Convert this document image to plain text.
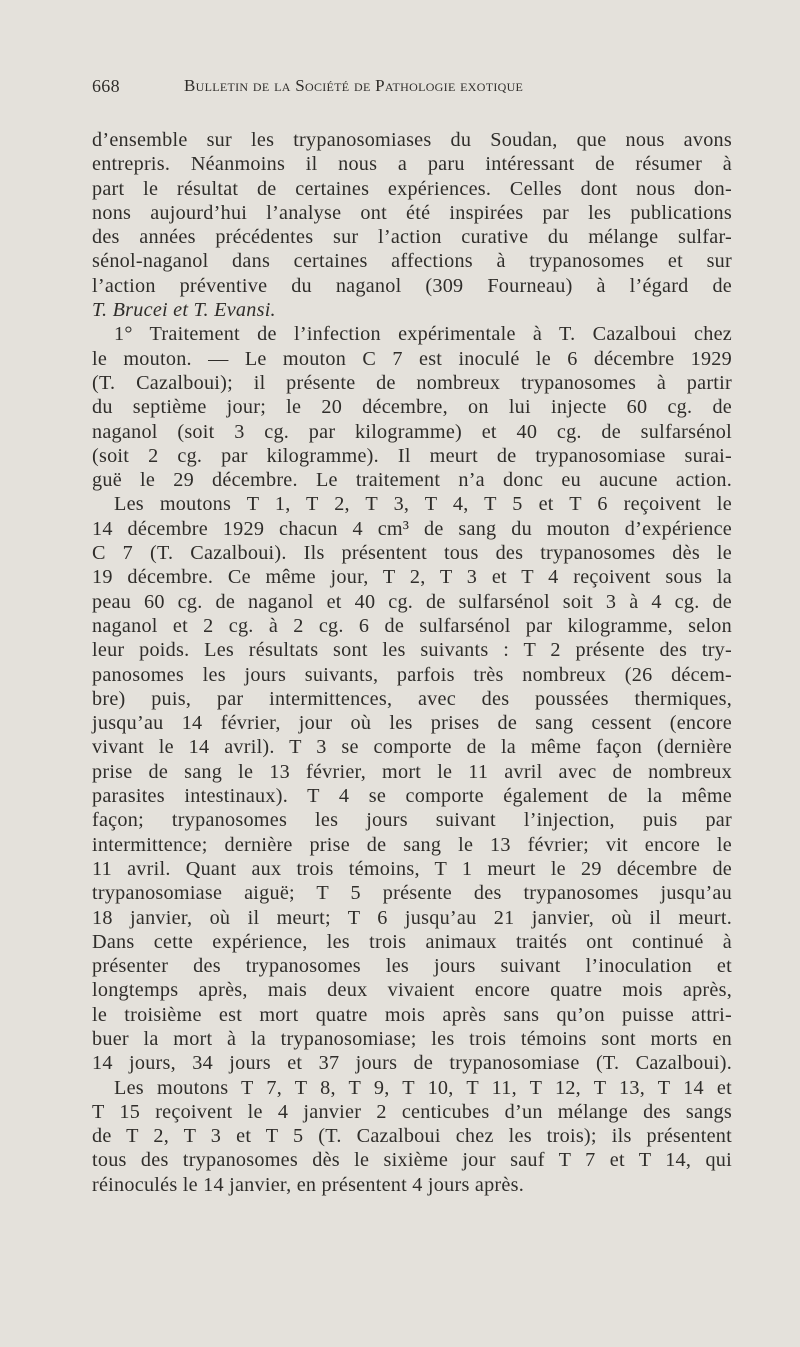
668	Bulletin de la Société de Pathologie exotique
d’ensemble sur les trypanosomiases du Soudan, que nous avons
entrepris. Néanmoins il nous a paru intéressant de résumer à
part le résultat de certaines expériences. Celles dont nous don-
nons aujourd’hui l’analyse ont été inspirées par les publications
des années précédentes sur l’action curative du mélange sulfar-
sénol-naganol dans certaines affections à trypanosomes et sur
l’action préventive du naganol (309 Fourneau) à l’égard de
T. Brucei et T. Evansi.
1° Traitement de l’infection expérimentale à T. Cazalboui chez
le mouton. — Le mouton C 7 est inoculé le 6 décembre 1929
(T. Cazalboui); il présente de nombreux trypanosomes à partir
du septième jour; le 20 décembre, on lui injecte 60 cg. de
naganol (soit 3 cg. par kilogramme) et 40 cg. de sulfarsénol
(soit 2 cg. par kilogramme). Il meurt de trypanosomiase surai-
guë le 29 décembre. Le traitement n’a donc eu aucune action.
Les moutons T 1, T 2, T 3, T 4, T 5 et T 6 reçoivent le
14 décembre 1929 chacun 4 cm³ de sang du mouton d’expérience
C 7 (T. Cazalboui). Ils présentent tous des trypanosomes dès le
19 décembre. Ce même jour, T 2, T 3 et T 4 reçoivent sous la
peau 60 cg. de naganol et 40 cg. de sulfarsénol soit 3 à 4 cg. de
naganol et 2 cg. à 2 cg. 6 de sulfarsénol par kilogramme, selon
leur poids. Les résultats sont les suivants : T 2 présente des try-
panosomes les jours suivants, parfois très nombreux (26 décem-
bre) puis, par intermittences, avec des poussées thermiques,
jusqu’au 14 février, jour où les prises de sang cessent (encore
vivant le 14 avril). T 3 se comporte de la même façon (dernière
prise de sang le 13 février, mort le 11 avril avec de nombreux
parasites intestinaux). T 4 se comporte également de la même
façon; trypanosomes les jours suivant l’injection, puis par
intermittence; dernière prise de sang le 13 février; vit encore le
11 avril. Quant aux trois témoins, T 1 meurt le 29 décembre de
trypanosomiase aiguë; T 5 présente des trypanosomes jusqu’au
18 janvier, où il meurt; T 6 jusqu’au 21 janvier, où il meurt.
Dans cette expérience, les trois animaux traités ont continué à
présenter des trypanosomes les jours suivant l’inoculation et
longtemps après, mais deux vivaient encore quatre mois après,
le troisième est mort quatre mois après sans qu’on puisse attri-
buer la mort à la trypanosomiase; les trois témoins sont morts en
14 jours, 34 jours et 37 jours de trypanosomiase (T. Cazalboui).
Les moutons T 7, T 8, T 9, T 10, T 11, T 12, T 13, T 14 et
T 15 reçoivent le 4 janvier 2 centicubes d’un mélange des sangs
de T 2, T 3 et T 5 (T. Cazalboui chez les trois); ils présentent
tous des trypanosomes dès le sixième jour sauf T 7 et T 14, qui
réinoculés le 14 janvier, en présentent 4 jours après.
